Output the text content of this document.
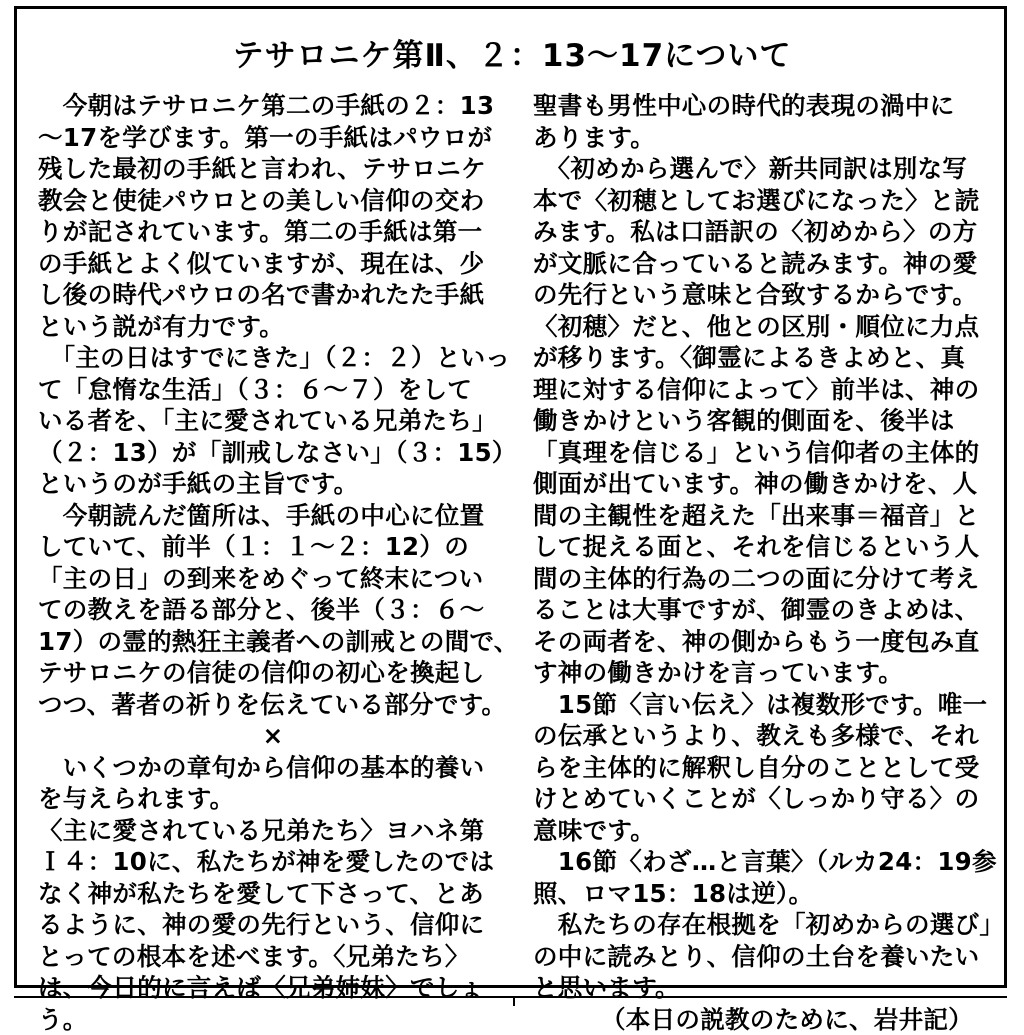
テサロニケ第Ⅱ、２：13～17について
　今朝はテサロニケ第二の手紙の２：13
～17を学びます。第一の手紙はパウロが
残した最初の手紙と言われ、テサロニケ
教会と使徒パウロとの美しい信仰の交わ
りが記されています。第二の手紙は第一
の手紙とよく似ていますが、現在は、少
し後の時代パウロの名で書かれたた手紙
という説が有力です。
　「主の日はすでにきた」（２：２）といっ
て「怠惰な生活」（３：６～７）をして
いる者を、「主に愛されている兄弟たち」
（２：13）が「訓戒しなさい」（３：15）
というのが手紙の主旨です。
　今朝読んだ箇所は、手紙の中心に位置
していて、前半（１：１～２：12）の
「主の日」の到来をめぐって終末につい
ての教えを語る部分と、後半（３：６～
17）の霊的熱狂主義者への訓戒との間で、
テサロニケの信徒の信仰の初心を換起し
つつ、著者の祈りを伝えている部分です。
×
　いくつかの章句から信仰の基本的養い
を与えられます。
〈主に愛されている兄弟たち〉ヨハネ第
Ｉ４：10に、私たちが神を愛したのでは
なく神が私たちを愛して下さって、とあ
るように、神の愛の先行という、信仰に
とっての根本を述べます。〈兄弟たち〉
は、今日的に言えば〈兄弟姉妹〉でしょ
う。
聖書も男性中心の時代的表現の渦中に
あります。
　〈初めから選んで〉新共同訳は別な写
本で〈初穂としてお選びになった〉と読
みます。私は口語訳の〈初めから〉の方
が文脈に合っていると読みます。神の愛
の先行という意味と合致するからです。
〈初穂〉だと、他との区別・順位に力点
が移ります。〈御霊によるきよめと、真
理に対する信仰によって〉前半は、神の
働きかけという客観的側面を、後半は
「真理を信じる」という信仰者の主体的
側面が出ています。神の働きかけを、人
間の主観性を超えた「出来事＝福音」と
して捉える面と、それを信じるという人
間の主体的行為の二つの面に分けて考え
ることは大事ですが、御霊のきよめは、
その両者を、神の側からもう一度包み直
す神の働きかけを言っています。
　15節〈言い伝え〉は複数形です。唯一
の伝承というより、教えも多様で、それ
らを主体的に解釈し自分のこととして受
けとめていくことが〈しっかり守る〉の
意味です。
　16節〈わざ…と言葉〉（ルカ24：19参
照、ロマ15：18は逆）。
　私たちの存在根拠を「初めからの選び」
の中に読みとり、信仰の土台を養いたい
と思います。
（本日の説教のために、岩井記）
